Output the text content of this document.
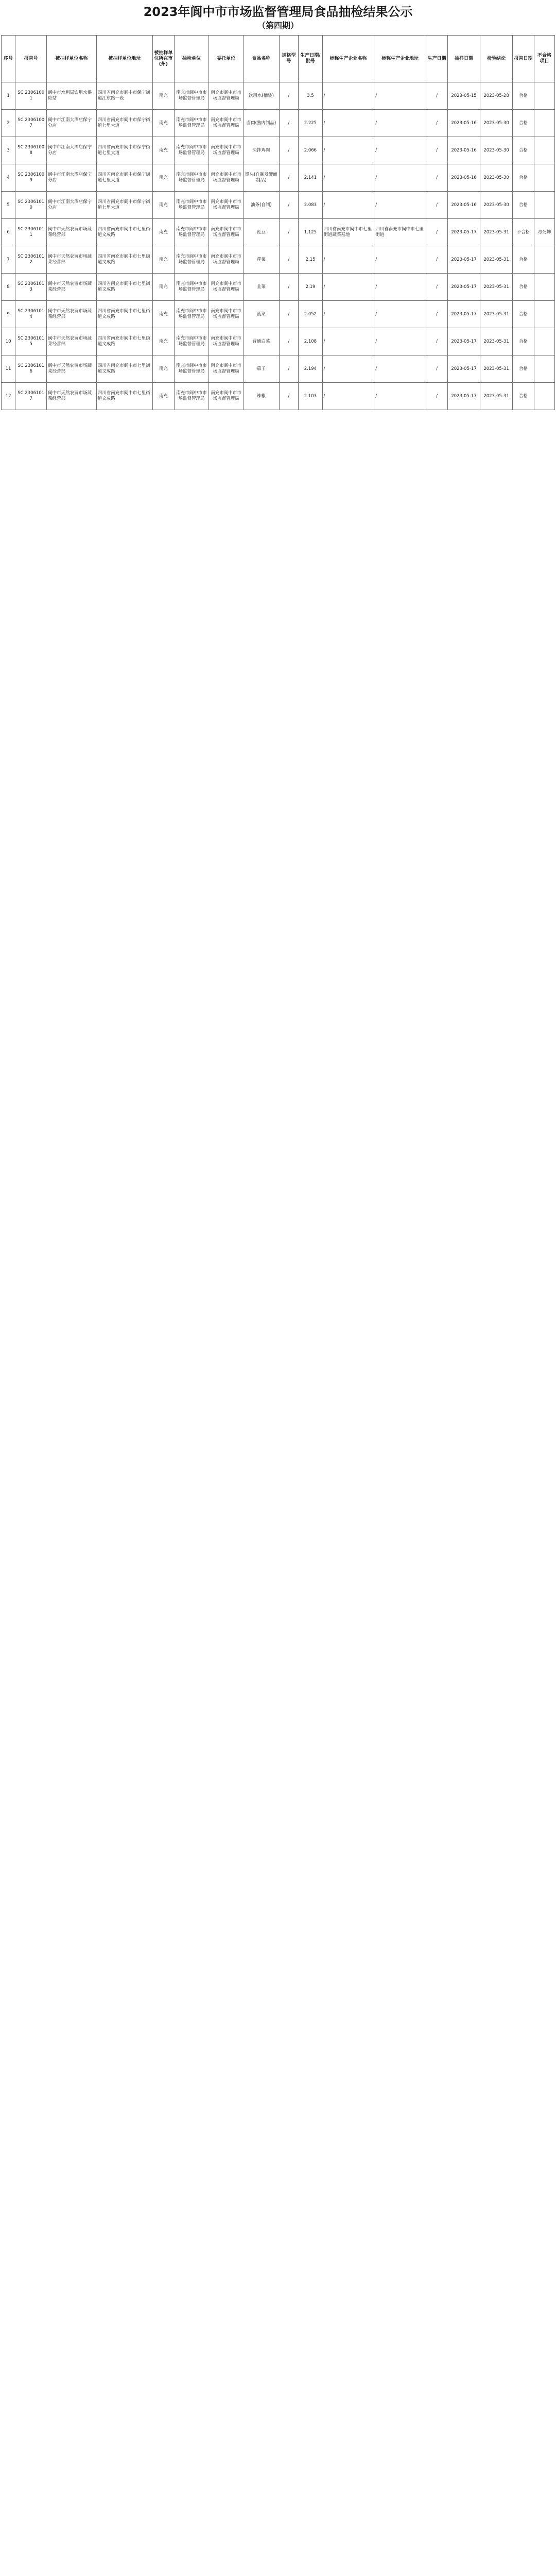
2023年阆中市市场监督管理局食品抽检结果公示
（第四期）
序号	报告号	被抽样单位名称	被抽样单位地址	被抽样单位所在市(州)	抽检单位	委托单位	食品名称	规格型号	生产日期/批号	标称生产企业名称	标称生产企业地址	生产日期	抽样日期	检验结论	报告日期	不合格项目
1	SC 23061001	阆中市水利局饮用水供应站	四川省南充市阆中市保宁街道江东路一段	南充	南充市阆中市市场监督管理局	南充市阆中市市场监督管理局	饮用水(桶装)	/	3.5	/	/	/	2023-05-15	2023-05-28	合格	
2	SC 23061007	阆中市江南大酒店保宁分店	四川省南充市阆中市保宁街道七里大道	南充	南充市阆中市市场监督管理局	南充市阆中市市场监督管理局	卤肉(熟肉制品)	/	2.225	/	/	/	2023-05-16	2023-05-30	合格	
3	SC 23061008	阆中市江南大酒店保宁分店	四川省南充市阆中市保宁街道七里大道	南充	南充市阆中市市场监督管理局	南充市阆中市市场监督管理局	凉拌鸡肉	/	2.066	/	/	/	2023-05-16	2023-05-30	合格	
4	SC 23061009	阆中市江南大酒店保宁分店	四川省南充市阆中市保宁街道七里大道	南充	南充市阆中市市场监督管理局	南充市阆中市市场监督管理局	馒头(自制发酵面制品)	/	2.141	/	/	/	2023-05-16	2023-05-30	合格	
5	SC 23061010	阆中市江南大酒店保宁分店	四川省南充市阆中市保宁街道七里大道	南充	南充市阆中市市场监督管理局	南充市阆中市市场监督管理局	油条(自制)	/	2.083	/	/	/	2023-05-16	2023-05-30	合格	
6	SC 23061011	阆中市天然农贸市场蔬菜经营部	四川省南充市阆中市七里街道文成路	南充	南充市阆中市市场监督管理局	南充市阆中市市场监督管理局	豇豆	/	1.125	四川省南充市阆中市七里街道蔬菜基地	四川省南充市阆中市七里街道	/	2023-05-17	2023-05-31	不合格	毒死蜱
7	SC 23061012	阆中市天然农贸市场蔬菜经营部	四川省南充市阆中市七里街道文成路	南充	南充市阆中市市场监督管理局	南充市阆中市市场监督管理局	芹菜	/	2.15	/	/	/	2023-05-17	2023-05-31	合格	
8	SC 23061013	阆中市天然农贸市场蔬菜经营部	四川省南充市阆中市七里街道文成路	南充	南充市阆中市市场监督管理局	南充市阆中市市场监督管理局	韭菜	/	2.19	/	/	/	2023-05-17	2023-05-31	合格	
9	SC 23061014	阆中市天然农贸市场蔬菜经营部	四川省南充市阆中市七里街道文成路	南充	南充市阆中市市场监督管理局	南充市阆中市市场监督管理局	菠菜	/	2.052	/	/	/	2023-05-17	2023-05-31	合格	
10	SC 23061015	阆中市天然农贸市场蔬菜经营部	四川省南充市阆中市七里街道文成路	南充	南充市阆中市市场监督管理局	南充市阆中市市场监督管理局	普通白菜	/	2.108	/	/	/	2023-05-17	2023-05-31	合格	
11	SC 23061016	阆中市天然农贸市场蔬菜经营部	四川省南充市阆中市七里街道文成路	南充	南充市阆中市市场监督管理局	南充市阆中市市场监督管理局	茄子	/	2.194	/	/	/	2023-05-17	2023-05-31	合格	
12	SC 23061017	阆中市天然农贸市场蔬菜经营部	四川省南充市阆中市七里街道文成路	南充	南充市阆中市市场监督管理局	南充市阆中市市场监督管理局	辣椒	/	2.103	/	/	/	2023-05-17	2023-05-31	合格	
